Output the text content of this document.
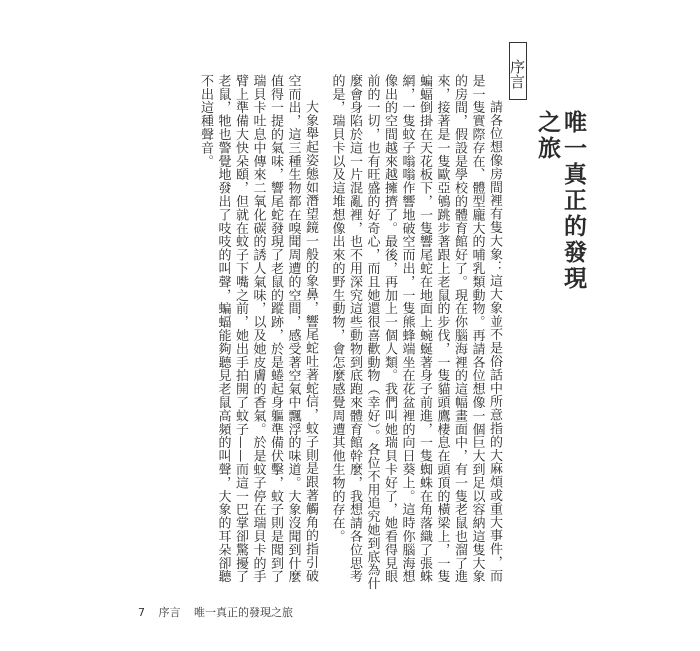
序言
唯一真正的發現之旅

請各位想像房間裡有隻大象：這大象並不是俗話中所意指的大麻煩或重大事件，而是一隻實際存在、體型龐大的哺乳類動物。再請各位想像一個巨大到足以容納這隻大象的房間，假設是學校的體育館好了。現在你腦海裡的這幅畫面中，有一隻老鼠也溜了進來，接著是一隻歐亞鴝跳步著跟上老鼠的步伐，一隻貓頭鷹棲息在頭頂的橫梁上，一隻蝙蝠倒掛在天花板下，一隻響尾蛇在地面上蜿蜒著身子前進，一隻蜘蛛在角落織了張蛛網，一隻蚊子嗡嗡作響地破空而出，一隻熊蜂端坐在花盆裡的向日葵上。這時你腦海想像出的空間越來越擁擠了。最後，再加上一個人類。我們叫她瑞貝卡好了，她看得見眼前的一切，也有旺盛的好奇心，而且她還很喜歡動物（幸好）。各位不用追究她到底為什麼會身陷於這一片混亂裡，也不用深究這些動物到底跑來體育館幹麼，我想請各位思考的是，瑞貝卡以及這堆想像出來的野生動物，會怎麼感覺周遭其他生物的存在。

大象舉起姿態如潛望鏡一般的象鼻，響尾蛇吐著蛇信，蚊子則是跟著觸角的指引破空而出，這三種生物都在嗅聞周遭的空間，感受著空氣中飄浮的味道。大象沒聞到什麼值得一提的氣味，響尾蛇發現了老鼠的蹤跡，於是蜷起身軀準備伏擊，蚊子則是聞到了瑞貝卡吐息中傳來二氧化碳的誘人氣味，以及她皮膚的香氣。於是蚊子停在瑞貝卡的手臂上準備大快朵頤，但就在蚊子下嘴之前，她出手拍開了蚊子——而這一巴掌卻驚擾了老鼠，牠也警覺地發出了吱吱的叫聲，蝙蝠能夠聽見老鼠高頻的叫聲，大象的耳朵卻聽不出這種聲音。

7 序言 唯一真正的發現之旅
